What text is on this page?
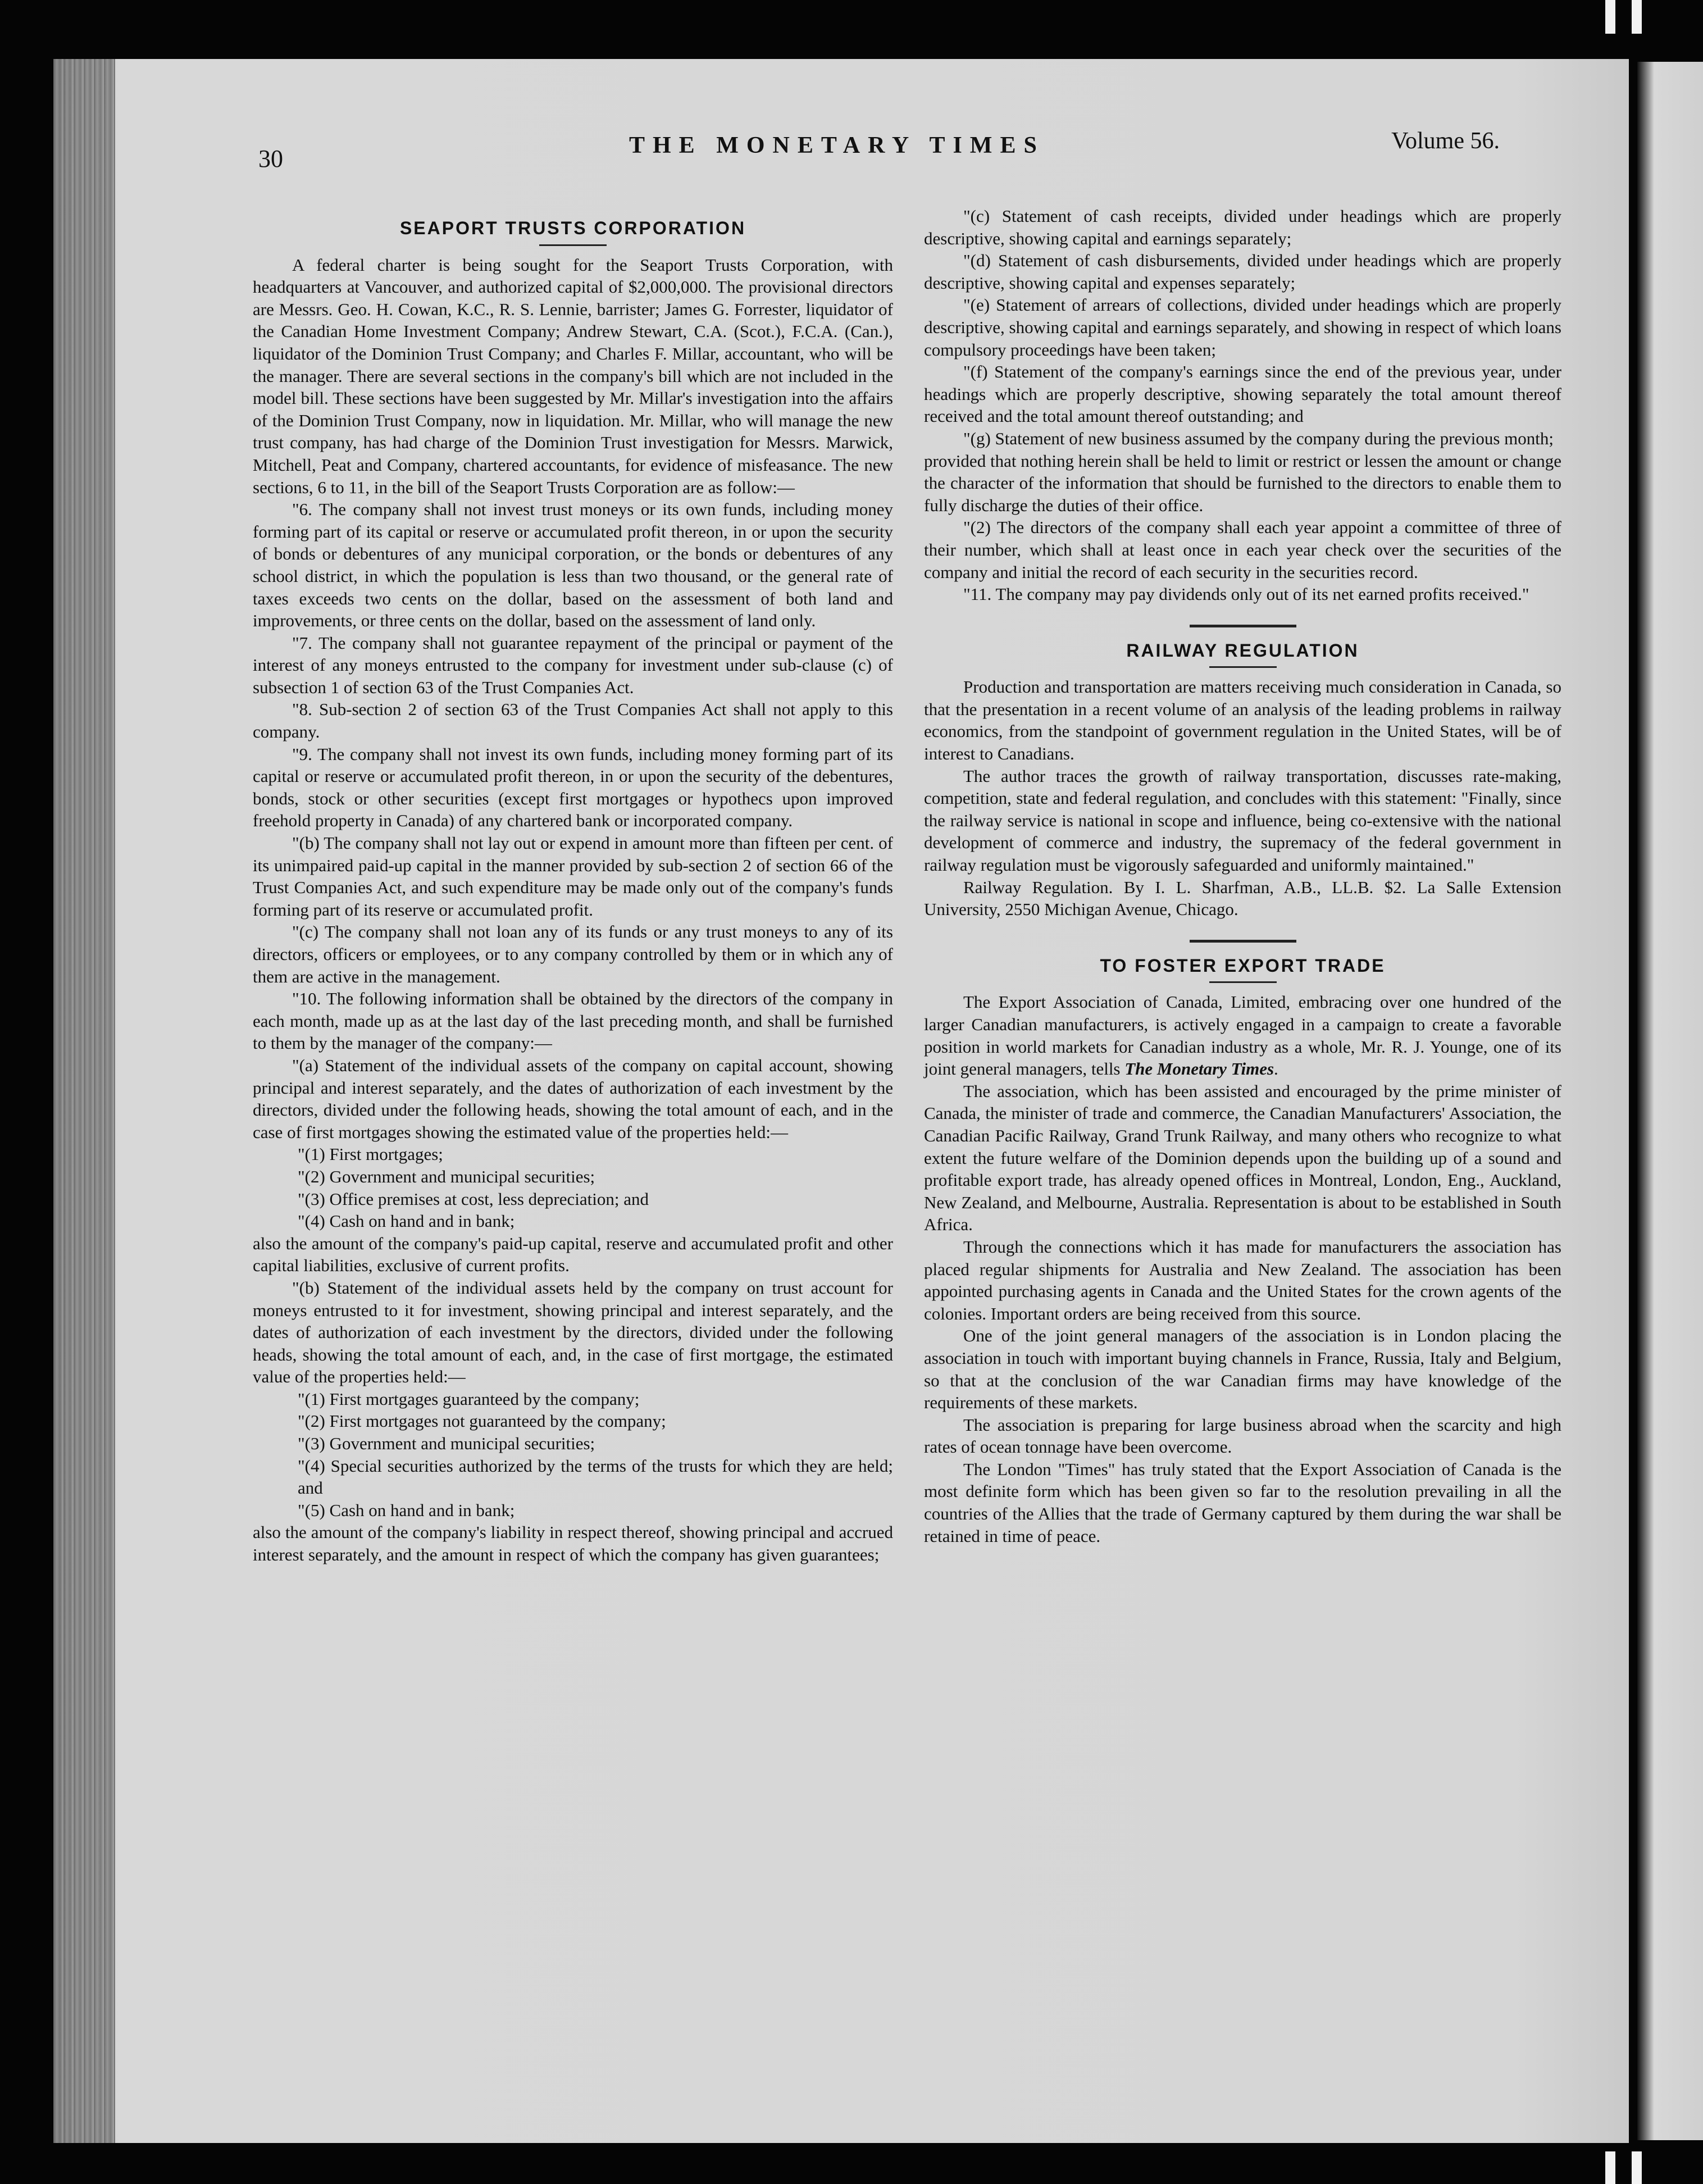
30	THE MONETARY TIMES	Volume 56.
SEAPORT TRUSTS CORPORATION

A federal charter is being sought for the Seaport Trusts Corporation, with headquarters at Vancouver, and authorized capital of $2,000,000. The provisional directors are Messrs. Geo. H. Cowan, K.C., R. S. Lennie, barrister; James G. Forrester, liquidator of the Canadian Home Investment Company; Andrew Stewart, C.A. (Scot.), F.C.A. (Can.), liquidator of the Dominion Trust Company; and Charles F. Millar, accountant, who will be the manager. There are several sections in the company's bill which are not included in the model bill. These sections have been suggested by Mr. Millar's investigation into the affairs of the Dominion Trust Company, now in liquidation. Mr. Millar, who will manage the new trust company, has had charge of the Dominion Trust investigation for Messrs. Marwick, Mitchell, Peat and Company, chartered accountants, for evidence of misfeasance. The new sections, 6 to 11, in the bill of the Seaport Trusts Corporation are as follow:—

"6. The company shall not invest trust moneys or its own funds, including money forming part of its capital or reserve or accumulated profit thereon, in or upon the security of bonds or debentures of any municipal corporation, or the bonds or debentures of any school district, in which the population is less than two thousand, or the general rate of taxes exceeds two cents on the dollar, based on the assessment of both land and improvements, or three cents on the dollar, based on the assessment of land only.

"7. The company shall not guarantee repayment of the principal or payment of the interest of any moneys entrusted to the company for investment under sub-clause (c) of subsection 1 of section 63 of the Trust Companies Act.

"8. Sub-section 2 of section 63 of the Trust Companies Act shall not apply to this company.

"9. The company shall not invest its own funds, including money forming part of its capital or reserve or accumulated profit thereon, in or upon the security of the debentures, bonds, stock or other securities (except first mortgages or hypothecs upon improved freehold property in Canada) of any chartered bank or incorporated company.

"(b) The company shall not lay out or expend in amount more than fifteen per cent. of its unimpaired paid-up capital in the manner provided by sub-section 2 of section 66 of the Trust Companies Act, and such expenditure may be made only out of the company's funds forming part of its reserve or accumulated profit.

"(c) The company shall not loan any of its funds or any trust moneys to any of its directors, officers or employees, or to any company controlled by them or in which any of them are active in the management.

"10. The following information shall be obtained by the directors of the company in each month, made up as at the last day of the last preceding month, and shall be furnished to them by the manager of the company:—

"(a) Statement of the individual assets of the company on capital account, showing principal and interest separately, and the dates of authorization of each investment by the directors, divided under the following heads, showing the total amount of each, and in the case of first mortgages showing the estimated value of the properties held:—

"(1) First mortgages;

"(2) Government and municipal securities;

"(3) Office premises at cost, less depreciation; and

"(4) Cash on hand and in bank;

also the amount of the company's paid-up capital, reserve and accumulated profit and other capital liabilities, exclusive of current profits.

"(b) Statement of the individual assets held by the company on trust account for moneys entrusted to it for investment, showing principal and interest separately, and the dates of authorization of each investment by the directors, divided under the following heads, showing the total amount of each, and, in the case of first mortgage, the estimated value of the properties held:—

"(1) First mortgages guaranteed by the company;

"(2) First mortgages not guaranteed by the company;

"(3) Government and municipal securities;

"(4) Special securities authorized by the terms of the trusts for which they are held; and

"(5) Cash on hand and in bank;

also the amount of the company's liability in respect thereof, showing principal and accrued interest separately, and the amount in respect of which the company has given guarantees;

"(c) Statement of cash receipts, divided under headings which are properly descriptive, showing capital and earnings separately;

"(d) Statement of cash disbursements, divided under headings which are properly descriptive, showing capital and expenses separately;

"(e) Statement of arrears of collections, divided under headings which are properly descriptive, showing capital and earnings separately, and showing in respect of which loans compulsory proceedings have been taken;

"(f) Statement of the company's earnings since the end of the previous year, under headings which are properly descriptive, showing separately the total amount thereof received and the total amount thereof outstanding; and

"(g) Statement of new business assumed by the company during the previous month;

provided that nothing herein shall be held to limit or restrict or lessen the amount or change the character of the information that should be furnished to the directors to enable them to fully discharge the duties of their office.

"(2) The directors of the company shall each year appoint a committee of three of their number, which shall at least once in each year check over the securities of the company and initial the record of each security in the securities record.

"11. The company may pay dividends only out of its net earned profits received."

RAILWAY REGULATION

Production and transportation are matters receiving much consideration in Canada, so that the presentation in a recent volume of an analysis of the leading problems in railway economics, from the standpoint of government regulation in the United States, will be of interest to Canadians.

The author traces the growth of railway transportation, discusses rate-making, competition, state and federal regulation, and concludes with this statement: "Finally, since the railway service is national in scope and influence, being co-extensive with the national development of commerce and industry, the supremacy of the federal government in railway regulation must be vigorously safeguarded and uniformly maintained."

Railway Regulation. By I. L. Sharfman, A.B., LL.B. $2. La Salle Extension University, 2550 Michigan Avenue, Chicago.

TO FOSTER EXPORT TRADE

The Export Association of Canada, Limited, embracing over one hundred of the larger Canadian manufacturers, is actively engaged in a campaign to create a favorable position in world markets for Canadian industry as a whole, Mr. R. J. Younge, one of its joint general managers, tells The Monetary Times.

The association, which has been assisted and encouraged by the prime minister of Canada, the minister of trade and commerce, the Canadian Manufacturers' Association, the Canadian Pacific Railway, Grand Trunk Railway, and many others who recognize to what extent the future welfare of the Dominion depends upon the building up of a sound and profitable export trade, has already opened offices in Montreal, London, Eng., Auckland, New Zealand, and Melbourne, Australia. Representation is about to be established in South Africa.

Through the connections which it has made for manufacturers the association has placed regular shipments for Australia and New Zealand. The association has been appointed purchasing agents in Canada and the United States for the crown agents of the colonies. Important orders are being received from this source.

One of the joint general managers of the association is in London placing the association in touch with important buying channels in France, Russia, Italy and Belgium, so that at the conclusion of the war Canadian firms may have knowledge of the requirements of these markets.

The association is preparing for large business abroad when the scarcity and high rates of ocean tonnage have been overcome.

The London "Times" has truly stated that the Export Association of Canada is the most definite form which has been given so far to the resolution prevailing in all the countries of the Allies that the trade of Germany captured by them during the war shall be retained in time of peace.
